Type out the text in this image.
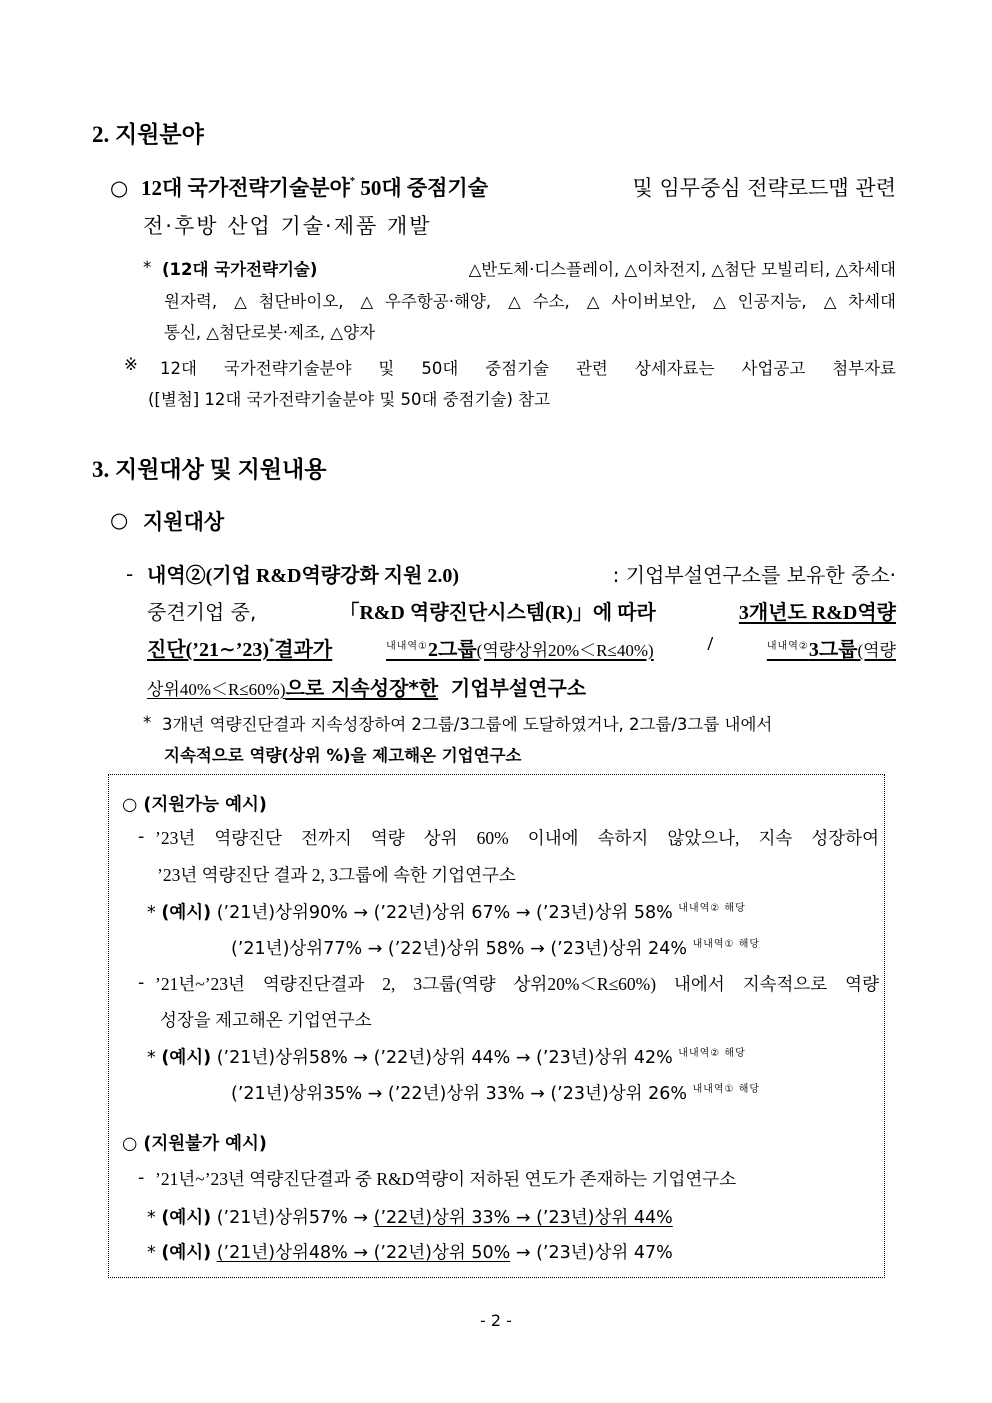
2. 지원분야
○ 12대 국가전략기술분야* 50대 중점기술	및 임무중심 전략로드맵 관련
전·후방 산업 기술·제품 개발
* (12대 국가전략기술)	△반도체·디스플레이, △이차전지, △첨단 모빌리티, △차세대
원자력, △첨단바이오, △우주항공·해양, △수소, △사이버보안, △인공지능, △차세대
통신, △첨단로봇·제조, △양자
※ 12대 국가전략기술분야 및 50대 중점기술 관련 상세자료는 사업공고 첨부자료
([별첨] 12대 국가전략기술분야 및 50대 중점기술) 참고
3. 지원대상 및 지원내용
○ 지원대상
- 내역②(기업 R&D역량강화 지원 2.0)	: 기업부설연구소를 보유한 중소·
중견기업 중,	「R&D 역량진단시스템(R)」에 따라	3개년도 R&D역량
진단(’21∼’23)*결과가	$^{내내역①}$2그룹(역량상위20%＜R≤40%)	/	$^{내내역②}$3그룹(역량
상위40%＜R≤60%)으로 지속성장*한 기업부설연구소
* 3개년 역량진단결과 지속성장하여 2그룹/3그룹에 도달하였거나, 2그룹/3그룹 내에서
지속적으로 역량(상위 %)을 제고해온 기업연구소
○ (지원가능 예시)
- ’23년 역량진단 전까지 역량 상위 60% 이내에 속하지 않았으나, 지속 성장하여
’23년 역량진단 결과 2, 3그룹에 속한 기업연구소
* (예시) (’21년)상위90% → (’22년)상위 67% → (’23년)상위 58% $^{내내역② 해당}$
(’21년)상위77% → (’22년)상위 58% → (’23년)상위 24% $^{내내역① 해당}$
- ’21년~’23년 역량진단결과 2, 3그룹(역량 상위20%＜R≤60%) 내에서 지속적으로 역량
성장을 제고해온 기업연구소
* (예시) (’21년)상위58% → (’22년)상위 44% → (’23년)상위 42% $^{내내역② 해당}$
(’21년)상위35% → (’22년)상위 33% → (’23년)상위 26% $^{내내역① 해당}$
○ (지원불가 예시)
- ’21년~’23년 역량진단결과 중 R&D역량이 저하된 연도가 존재하는 기업연구소
* (예시) (’21년)상위57% → (’22년)상위 33% → (’23년)상위 44%
* (예시) (’21년)상위48% → (’22년)상위 50% → (’23년)상위 47%
- 2 -
